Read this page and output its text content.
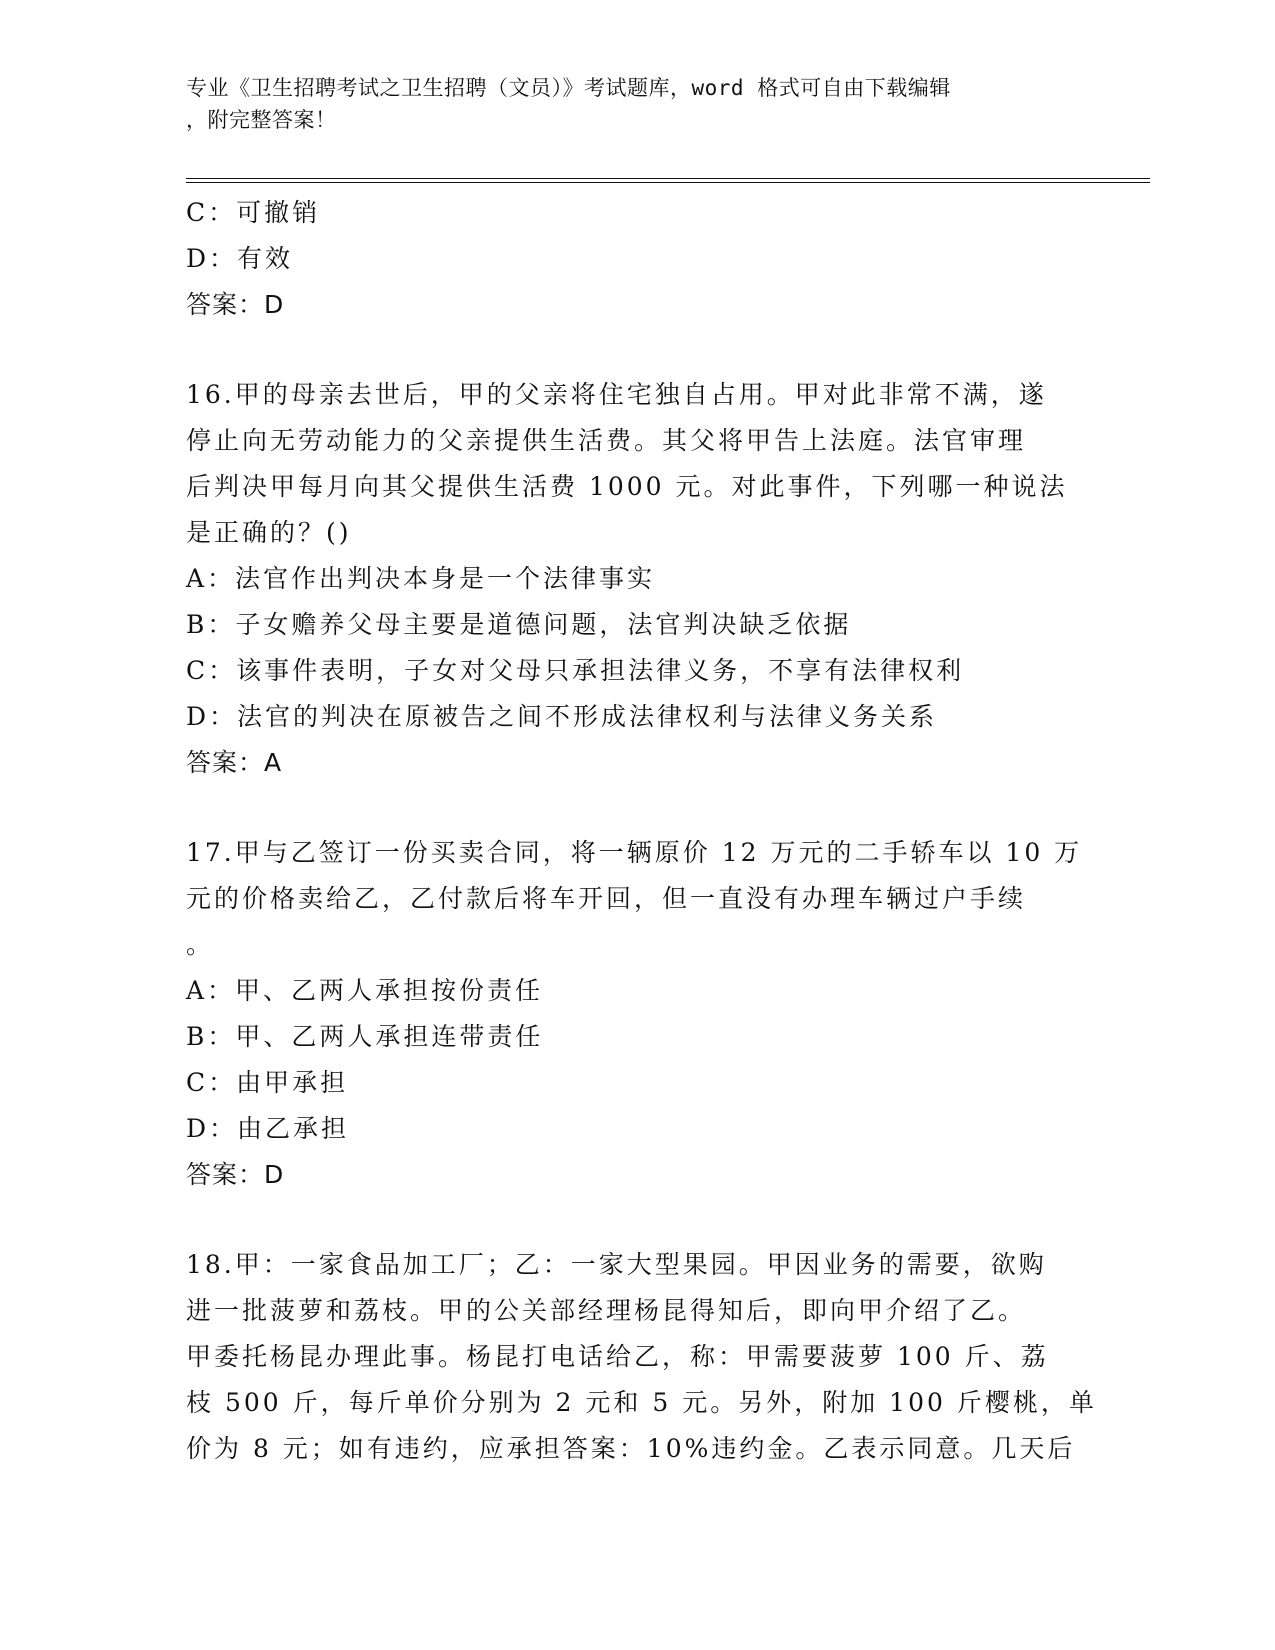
专业《卫生招聘考试之卫生招聘（文员）》考试题库，word 格式可自由下载编辑
，附完整答案！
C：可撤销
D：有效
答案：D
16.甲的母亲去世后，甲的父亲将住宅独自占用。甲对此非常不满，遂
停止向无劳动能力的父亲提供生活费。其父将甲告上法庭。法官审理
后判决甲每月向其父提供生活费 1000 元。对此事件，下列哪一种说法
是正确的？()
A：法官作出判决本身是一个法律事实
B：子女赡养父母主要是道德问题，法官判决缺乏依据
C：该事件表明，子女对父母只承担法律义务，不享有法律权利
D：法官的判决在原被告之间不形成法律权利与法律义务关系
答案：A
17.甲与乙签订一份买卖合同，将一辆原价 12 万元的二手轿车以 10 万
元的价格卖给乙，乙付款后将车开回，但一直没有办理车辆过户手续
。
A：甲、乙两人承担按份责任
B：甲、乙两人承担连带责任
C：由甲承担
D：由乙承担
答案：D
18.甲：一家食品加工厂；乙：一家大型果园。甲因业务的需要，欲购
进一批菠萝和荔枝。甲的公关部经理杨昆得知后，即向甲介绍了乙。
甲委托杨昆办理此事。杨昆打电话给乙，称：甲需要菠萝 100 斤、荔
枝 500 斤，每斤单价分别为 2 元和 5 元。另外，附加 100 斤樱桃，单
价为 8 元；如有违约，应承担答案：10%违约金。乙表示同意。几天后
